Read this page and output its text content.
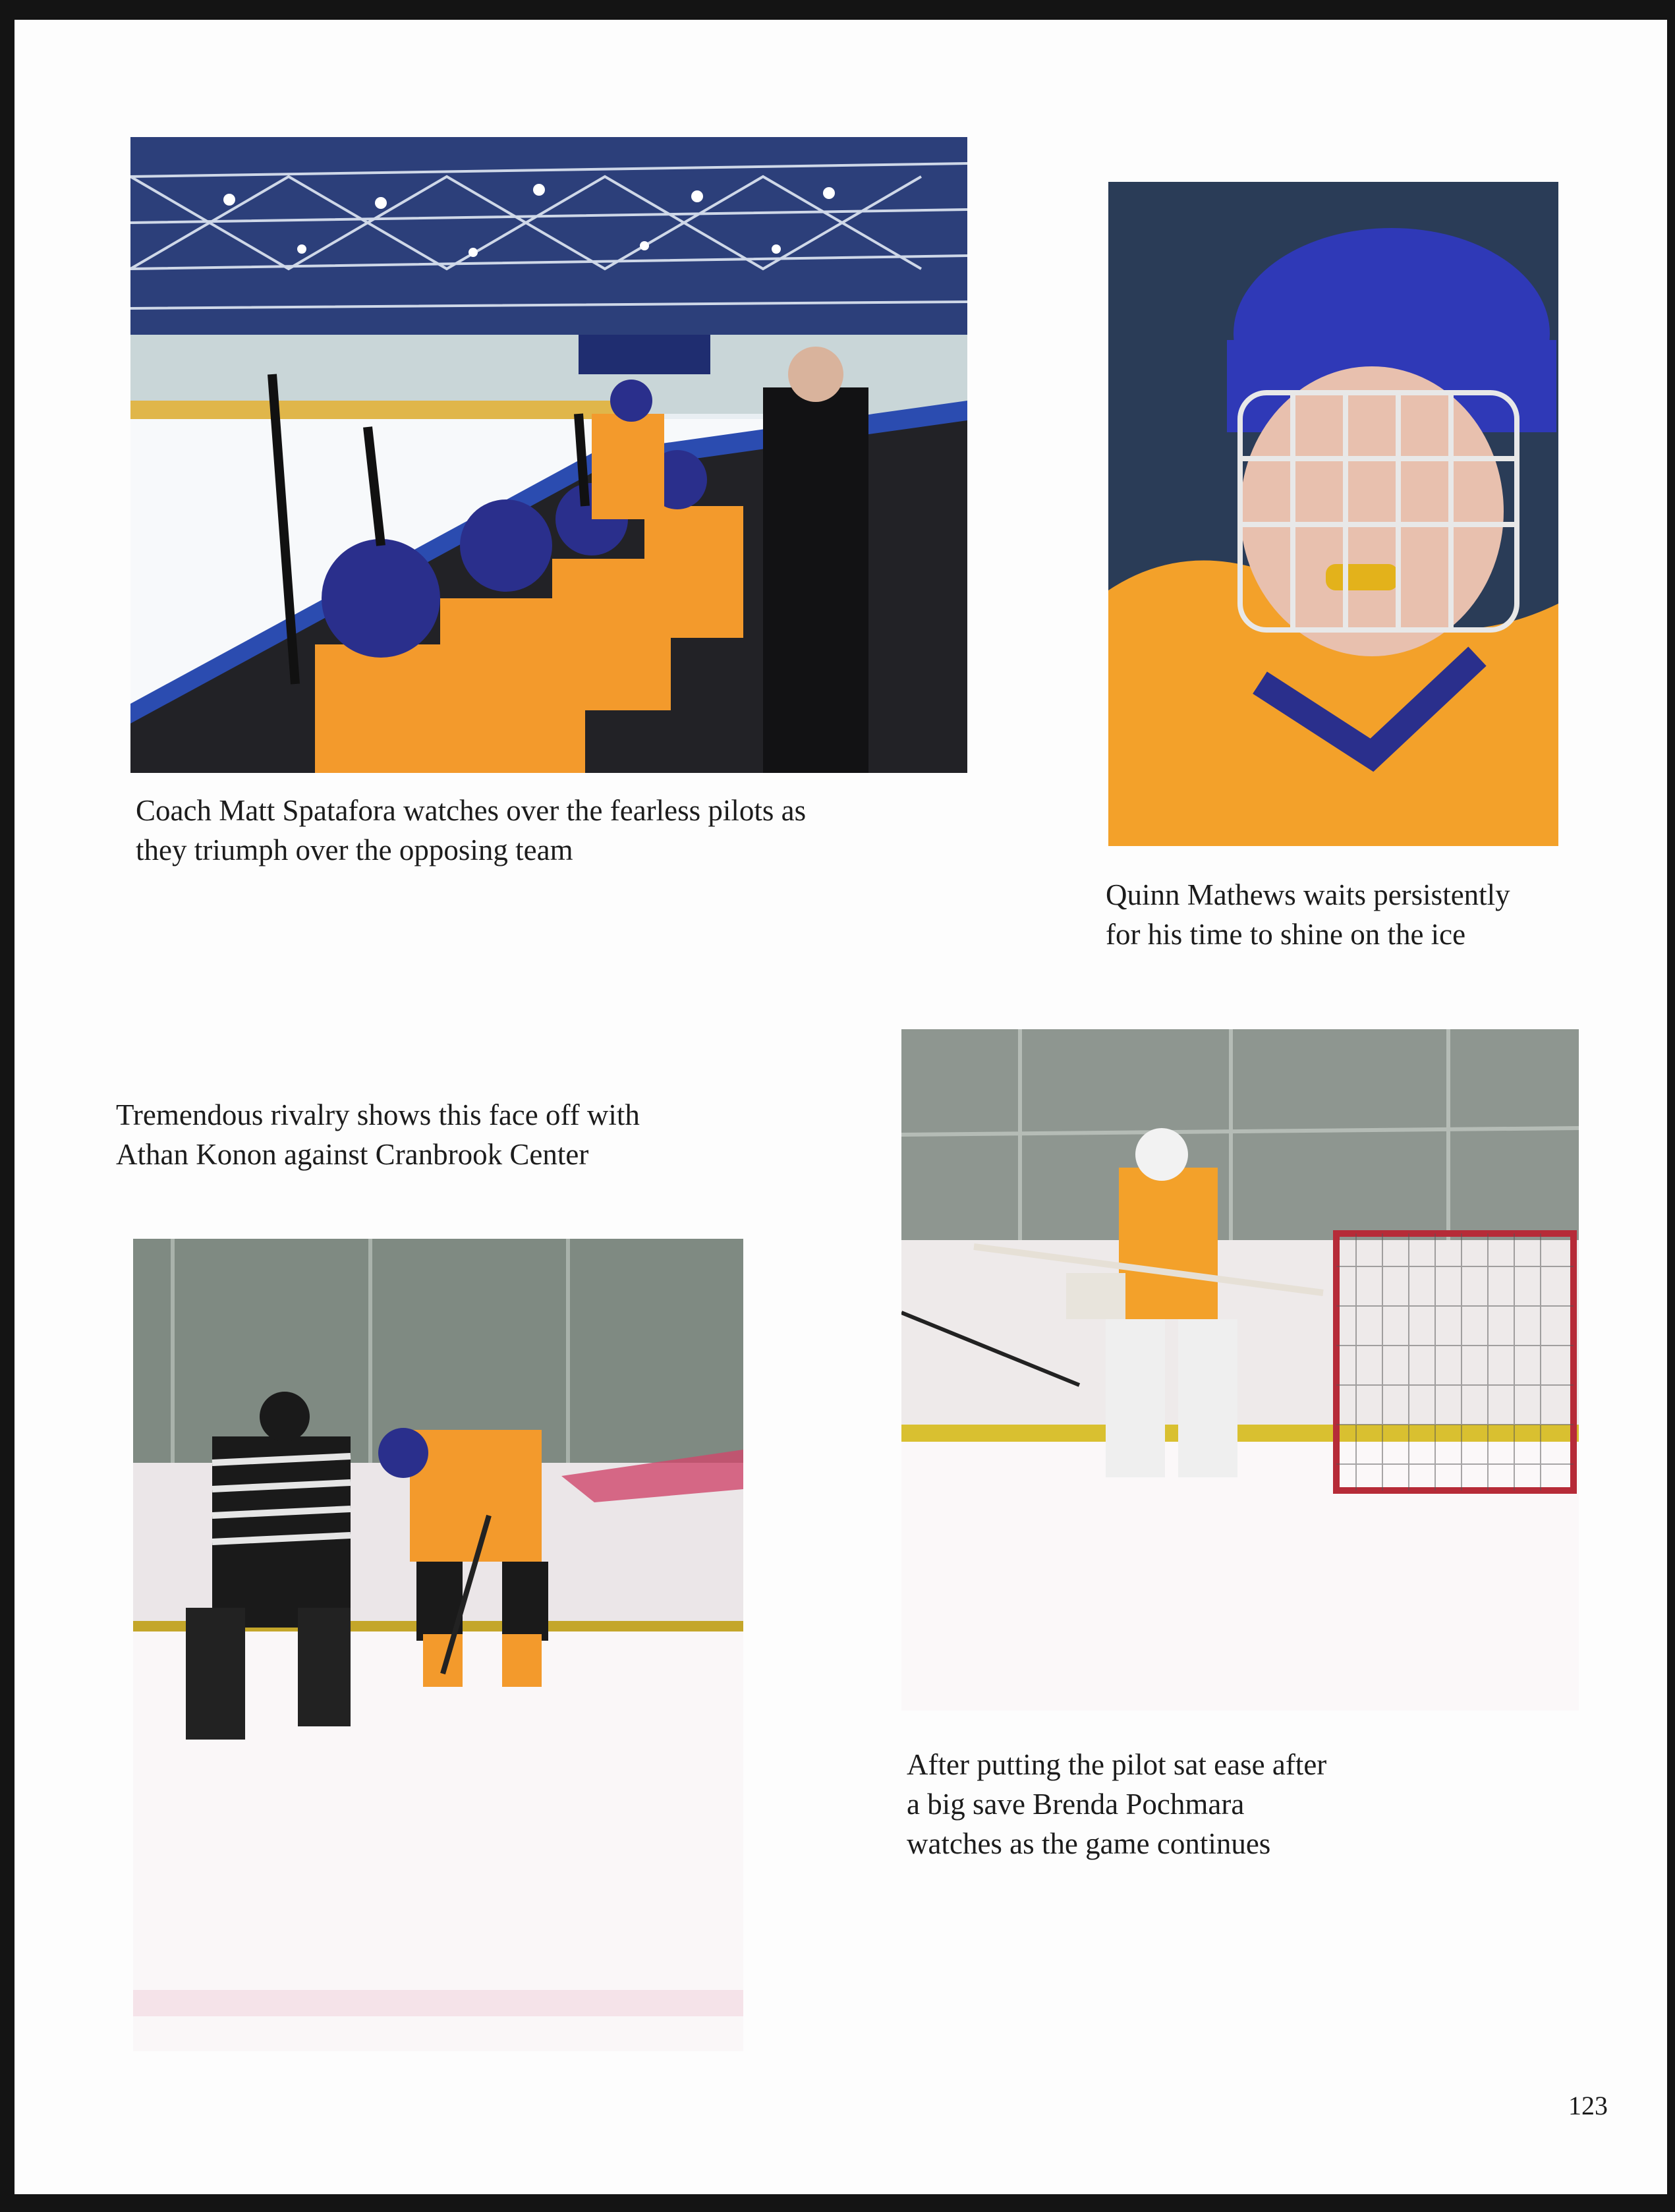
Coach Matt Spatafora watches over the fearless pilots as
they triumph over the opposing team

Quinn Mathews waits persistently
for his time to shine on the ice

Tremendous rivalry shows this face off with
Athan Konon against Cranbrook Center

After putting the pilot sat ease after
a big save Brenda Pochmara
watches as the game continues

123
